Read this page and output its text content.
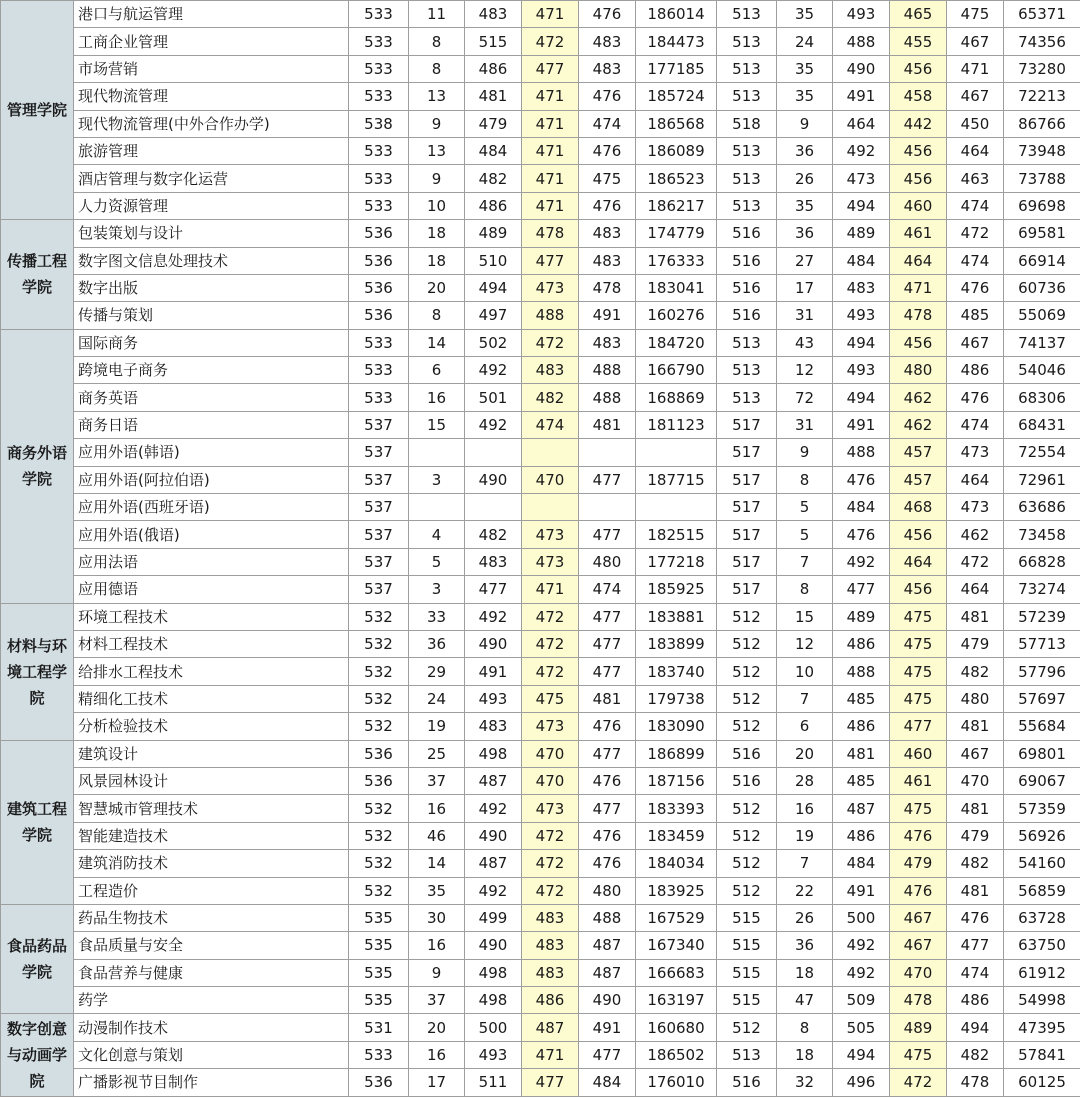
管理学院	港口与航运管理	533	11	483	471	476	186014	513	35	493	465	475	65371
	工商企业管理	533	8	515	472	483	184473	513	24	488	455	467	74356
	市场营销	533	8	486	477	483	177185	513	35	490	456	471	73280
	现代物流管理	533	13	481	471	476	185724	513	35	491	458	467	72213
	现代物流管理(中外合作办学)	538	9	479	471	474	186568	518	9	464	442	450	86766
	旅游管理	533	13	484	471	476	186089	513	36	492	456	464	73948
	酒店管理与数字化运营	533	9	482	471	475	186523	513	26	473	456	463	73788
	人力资源管理	533	10	486	471	476	186217	513	35	494	460	474	69698
传播工程学院	包装策划与设计	536	18	489	478	483	174779	516	36	489	461	472	69581
	数字图文信息处理技术	536	18	510	477	483	176333	516	27	484	464	474	66914
	数字出版	536	20	494	473	478	183041	516	17	483	471	476	60736
	传播与策划	536	8	497	488	491	160276	516	31	493	478	485	55069
商务外语学院	国际商务	533	14	502	472	483	184720	513	43	494	456	467	74137
	跨境电子商务	533	6	492	483	488	166790	513	12	493	480	486	54046
	商务英语	533	16	501	482	488	168869	513	72	494	462	476	68306
	商务日语	537	15	492	474	481	181123	517	31	491	462	474	68431
	应用外语(韩语)	537						517	9	488	457	473	72554
	应用外语(阿拉伯语)	537	3	490	470	477	187715	517	8	476	457	464	72961
	应用外语(西班牙语)	537						517	5	484	468	473	63686
	应用外语(俄语)	537	4	482	473	477	182515	517	5	476	456	462	73458
	应用法语	537	5	483	473	480	177218	517	7	492	464	472	66828
	应用德语	537	3	477	471	474	185925	517	8	477	456	464	73274
材料与环境工程学院	环境工程技术	532	33	492	472	477	183881	512	15	489	475	481	57239
	材料工程技术	532	36	490	472	477	183899	512	12	486	475	479	57713
	给排水工程技术	532	29	491	472	477	183740	512	10	488	475	482	57796
	精细化工技术	532	24	493	475	481	179738	512	7	485	475	480	57697
	分析检验技术	532	19	483	473	476	183090	512	6	486	477	481	55684
建筑工程学院	建筑设计	536	25	498	470	477	186899	516	20	481	460	467	69801
	风景园林设计	536	37	487	470	476	187156	516	28	485	461	470	69067
	智慧城市管理技术	532	16	492	473	477	183393	512	16	487	475	481	57359
	智能建造技术	532	46	490	472	476	183459	512	19	486	476	479	56926
	建筑消防技术	532	14	487	472	476	184034	512	7	484	479	482	54160
	工程造价	532	35	492	472	480	183925	512	22	491	476	481	56859
食品药品学院	药品生物技术	535	30	499	483	488	167529	515	26	500	467	476	63728
	食品质量与安全	535	16	490	483	487	167340	515	36	492	467	477	63750
	食品营养与健康	535	9	498	483	487	166683	515	18	492	470	474	61912
	药学	535	37	498	486	490	163197	515	47	509	478	486	54998
数字创意与动画学院	动漫制作技术	531	20	500	487	491	160680	512	8	505	489	494	47395
	文化创意与策划	533	16	493	471	477	186502	513	18	494	475	482	57841
	广播影视节目制作	536	17	511	477	484	176010	516	32	496	472	478	60125
